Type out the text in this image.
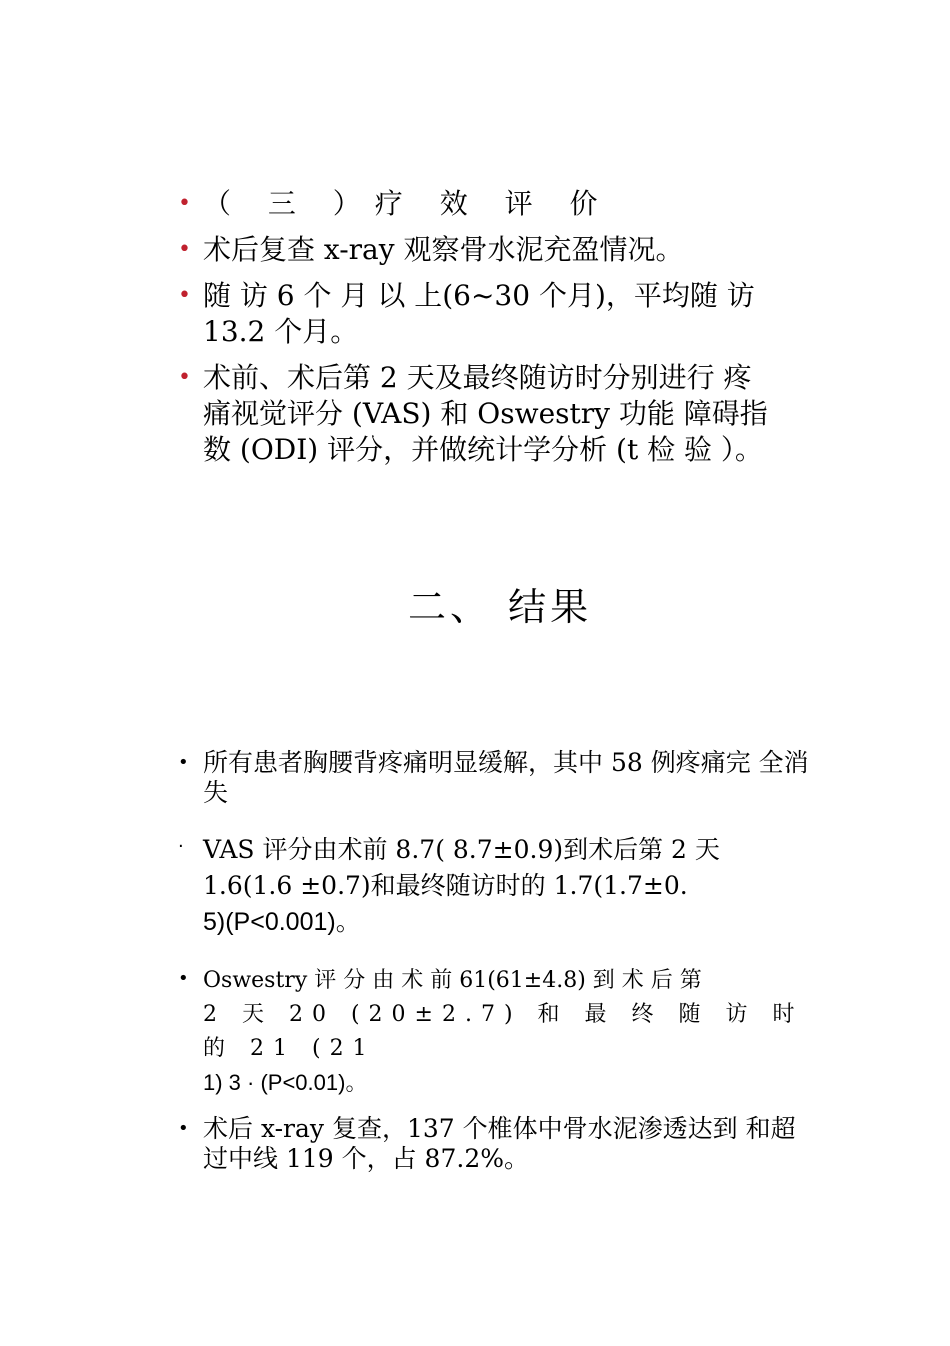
• （ 三 ）疗 效 评 价
• 术后复查 x-ray 观察骨水泥充盈情况。
• 随 访 6 个 月 以 上(6~30 个月)，平均随 访 13.2 个月。
• 术前、术后第 2 天及最终随访时分别进行 疼痛视觉评分 (VAS) 和 Oswestry 功能 障碍指数 (ODI) 评分，并做统计学分析 (t 检 验 ）。
二、 结果
• 所有患者胸腰背疼痛明显缓解，其中 58 例疼痛完 全消失
· VAS 评分由术前 8.7( 8.7±0.9)到术后第 2 天
1.6(1.6 ±0.7)和最终随访时的 1.7(1.7±0.
5)(P<0.001)。
• Oswestry 评 分 由 术 前 61(61±4.8) 到 术 后 第
2 天 20 (20±2.7) 和 最 终 随 访 时 的 21 (21
1) 3 · (P<0.01)。
• 术后 x-ray 复查，137 个椎体中骨水泥渗透达到 和超过中线 119 个，占 87.2%。
